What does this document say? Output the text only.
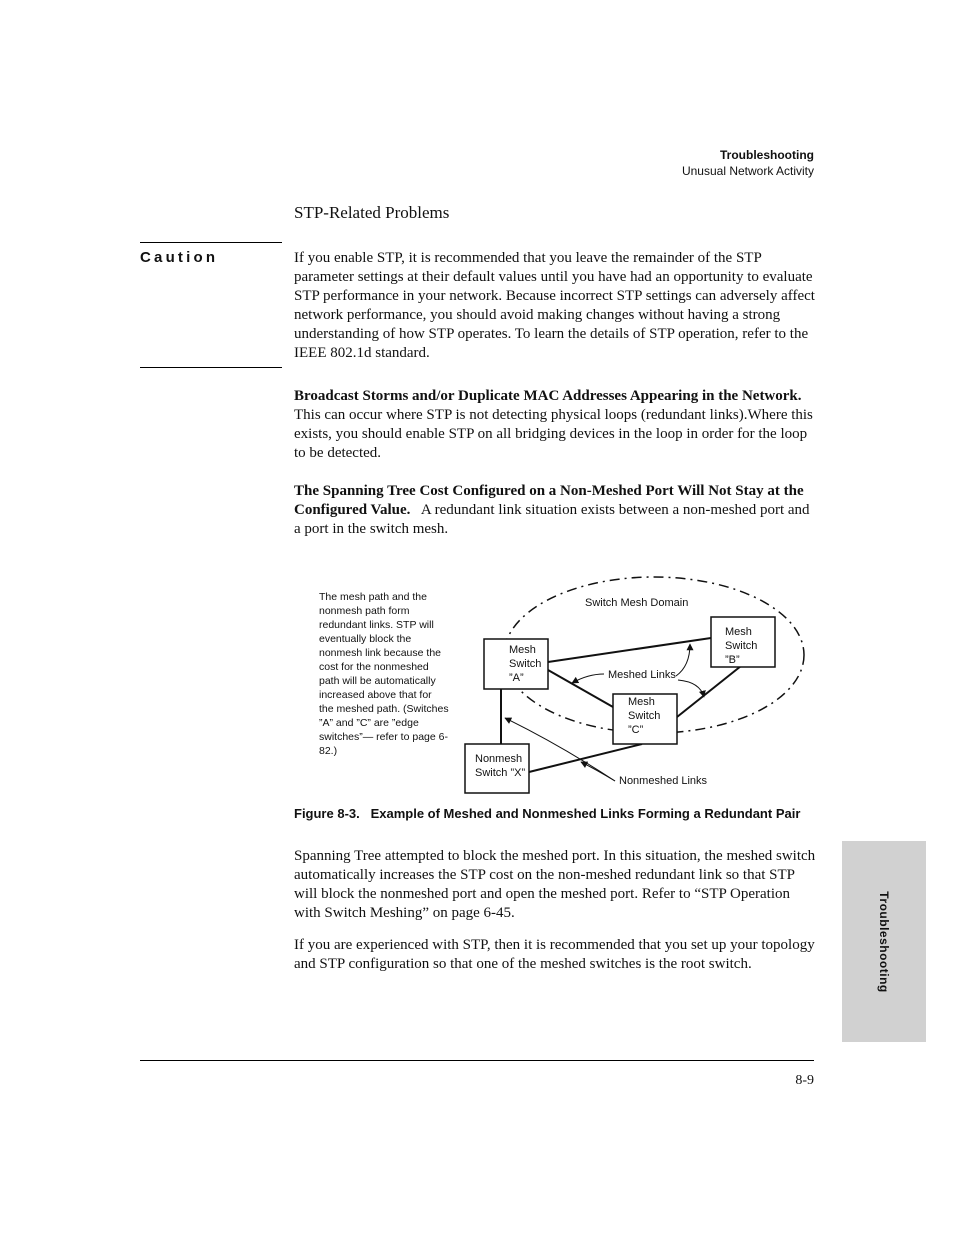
Troubleshooting
Unusual Network Activity
STP-Related Problems
Caution	If you enable STP, it is recommended that you leave the remainder of the STP parameter settings at their default values until you have had an opportunity to evaluate STP performance in your network. Because incorrect STP settings can adversely affect network performance, you should avoid making changes without having a strong understanding of how STP operates. To learn the details of STP operation, refer to the IEEE 802.1d standard.

Broadcast Storms and/or Duplicate MAC Addresses Appearing in the Network.    This can occur where STP is not detecting physical loops (redundant links).Where this exists, you should enable STP on all bridging devices in the loop in order for the loop to be detected.

The Spanning Tree Cost Configured on a Non-Meshed Port Will Not Stay at the Configured Value. A redundant link situation exists between a non-meshed port and a port in the switch mesh.

The mesh path and the nonmesh path form redundant links. STP will eventually block the nonmesh link because the cost for the nonmeshed path will be automatically increased above that for the meshed path. (Switches ”A” and ”C” are ”edge switches”— refer to page 6-82.)
Switch Mesh Domain
Mesh Switch ”A”
Mesh Switch ”B”
Mesh Switch ”C”
Nonmesh Switch ”X”
Meshed Links
Nonmeshed Links
Figure 8-3. Example of Meshed and Nonmeshed Links Forming a Redundant Pair
Spanning Tree attempted to block the meshed port. In this situation, the meshed switch automatically increases the STP cost on the non-meshed redundant link so that STP will block the nonmeshed port and open the meshed port. Refer to “STP Operation with Switch Meshing” on page 6-45.
If you are experienced with STP, then it is recommended that you set up your topology and STP configuration so that one of the meshed switches is the root switch.
8-9
Troubleshooting
